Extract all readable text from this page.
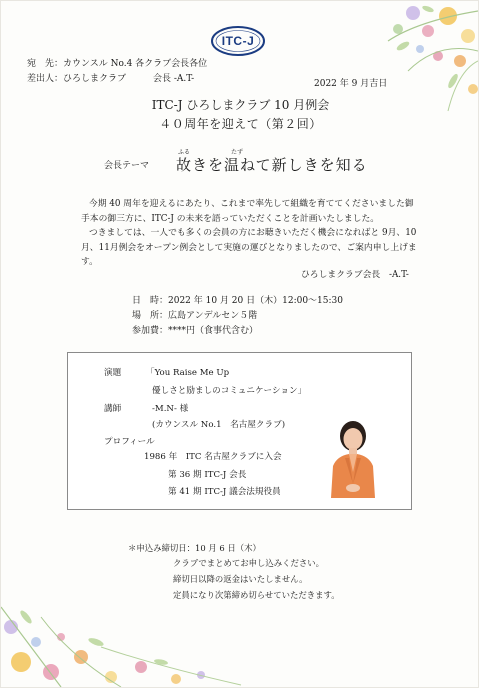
ITC-J
宛　先：カウンスル No.4 各クラブ会長各位
差出人：ひろしまクラブ　　　会長 -A.T-	2022 年 9 月吉日
ITC-J ひろしまクラブ 10 月例会
４０周年を迎えて（第２回）
会長テーマ
ふる	たず
故きを温ねて新しきを知る

今期 40 周年を迎えるにあたり、これまで率先して組織を育ててくださいました御手本の御三方に、ITC-J の未来を語っていただくことを計画いたしました。

つきましては、一人でも多くの会員の方にお聴きいただく機会になればと 9月、10月、11月例会をオープン例会として実施の運びとなりましたので、ご案内申し上げます。

ひろしまクラブ会長　-A.T-
日　時：2022 年 10 月 20 日（木）12:00～15:30
場　所：広島アンデルセン５階
参加費：****円（食事代含む）
演題	「You Raise Me Up
優しさと励ましのコミュニケーション」
講師	-M.N- 様
(カウンスル No.1　名古屋クラブ)
プロフィール
1986 年　ITC 名古屋クラブに入会
第 36 期 ITC-J 会長
第 41 期 ITC-J 議会法規役員
＊申込み締切日：10 月 6 日（木）
クラブでまとめてお申し込みください。
締切日以降の返金はいたしません。
定員になり次第締め切らせていただきます。
